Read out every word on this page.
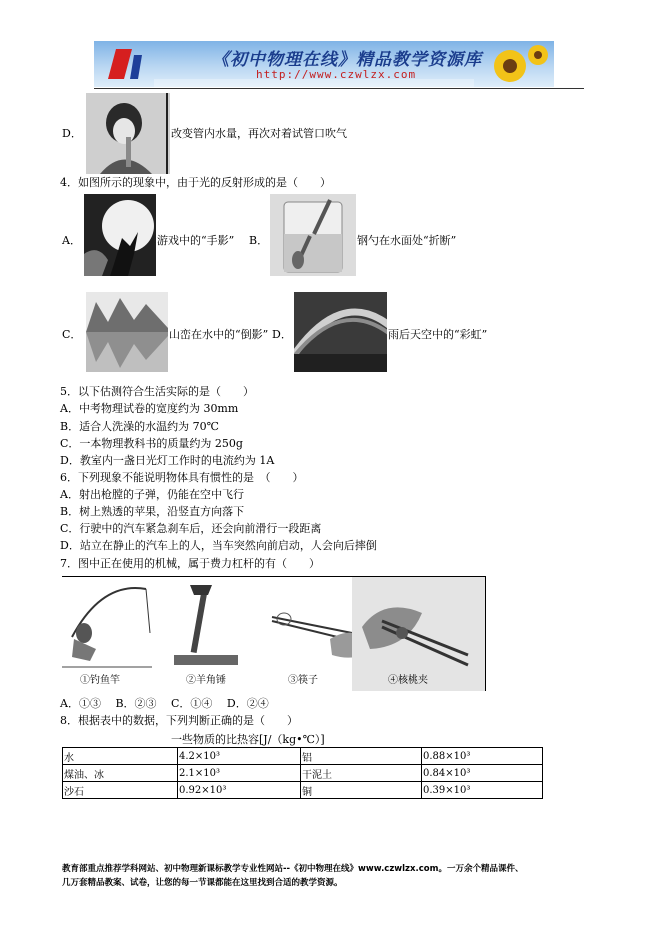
《初中物理在线》精品教学资源库
http://www.czwlzx.com
D．	改变管内水量，再次对着试管口吹气
4．如图所示的现象中，由于光的反射形成的是（　　）
A．	游戏中的“手影” B．	钢勺在水面处“折断”
C．	山峦在水中的“倒影” D．	雨后天空中的“彩虹”
5．以下估测符合生活实际的是（　　）
A．中考物理试卷的宽度约为 30mm
B．适合人洗澡的水温约为 70℃
C．一本物理教科书的质量约为 250g
D．教室内一盏日光灯工作时的电流约为 1A
6．下列现象不能说明物体具有惯性的是　（　　）
A．射出枪膛的子弹，仍能在空中飞行
B．树上熟透的苹果，沿竖直方向落下
C．行驶中的汽车紧急刹车后，还会向前滑行一段距离
D．站立在静止的汽车上的人，当车突然向前启动，人会向后摔倒
7．图中正在使用的机械，属于费力杠杆的有（　　）
①钓鱼竿	②羊角锤	③筷子	④核桃夹
A．①③　 B．②③　 C．①④　 D．②④
8．根据表中的数据，下列判断正确的是（　　）
一些物质的比热容[J/（kg•℃）]
水	4.2×10³	铝	0.88×10³
煤油、冰	2.1×10³	干泥土	0.84×10³
沙石	0.92×10³	铜	0.39×10³
教育部重点推荐学科网站、初中物理新课标教学专业性网站--《初中物理在线》www.czwlzx.com。一万余个精品课件、
几万套精品教案、试卷，让您的每一节课都能在这里找到合适的教学资源。
